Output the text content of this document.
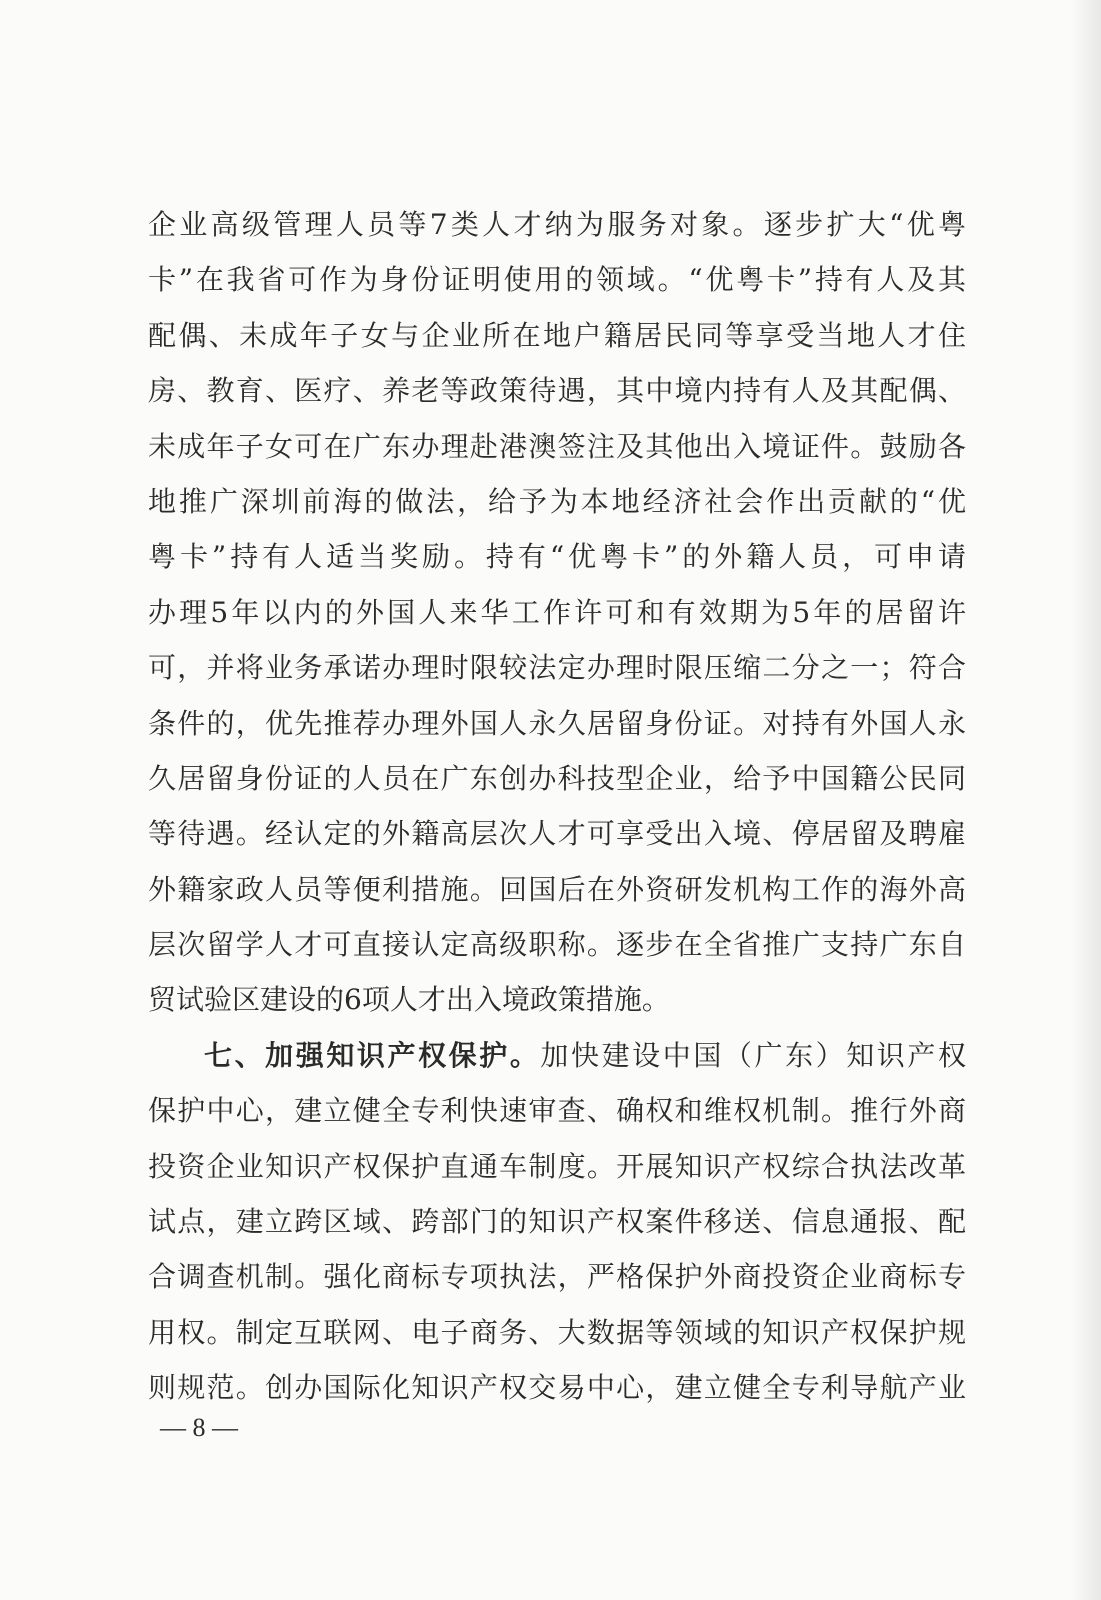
企业高级管理人员等7类人才纳为服务对象。逐步扩大“优粤
卡”在我省可作为身份证明使用的领域。“优粤卡”持有人及其
配偶、未成年子女与企业所在地户籍居民同等享受当地人才住
房、教育、医疗、养老等政策待遇，其中境内持有人及其配偶、
未成年子女可在广东办理赴港澳签注及其他出入境证件。鼓励各
地推广深圳前海的做法，给予为本地经济社会作出贡献的“优
粤卡”持有人适当奖励。持有“优粤卡”的外籍人员，可申请
办理5年以内的外国人来华工作许可和有效期为5年的居留许
可，并将业务承诺办理时限较法定办理时限压缩二分之一；符合
条件的，优先推荐办理外国人永久居留身份证。对持有外国人永
久居留身份证的人员在广东创办科技型企业，给予中国籍公民同
等待遇。经认定的外籍高层次人才可享受出入境、停居留及聘雇
外籍家政人员等便利措施。回国后在外资研发机构工作的海外高
层次留学人才可直接认定高级职称。逐步在全省推广支持广东自
贸试验区建设的6项人才出入境政策措施。
七、加强知识产权保护。加快建设中国（广东）知识产权
保护中心，建立健全专利快速审查、确权和维权机制。推行外商
投资企业知识产权保护直通车制度。开展知识产权综合执法改革
试点，建立跨区域、跨部门的知识产权案件移送、信息通报、配
合调查机制。强化商标专项执法，严格保护外商投资企业商标专
用权。制定互联网、电子商务、大数据等领域的知识产权保护规
则规范。创办国际化知识产权交易中心，建立健全专利导航产业
— 8 —
